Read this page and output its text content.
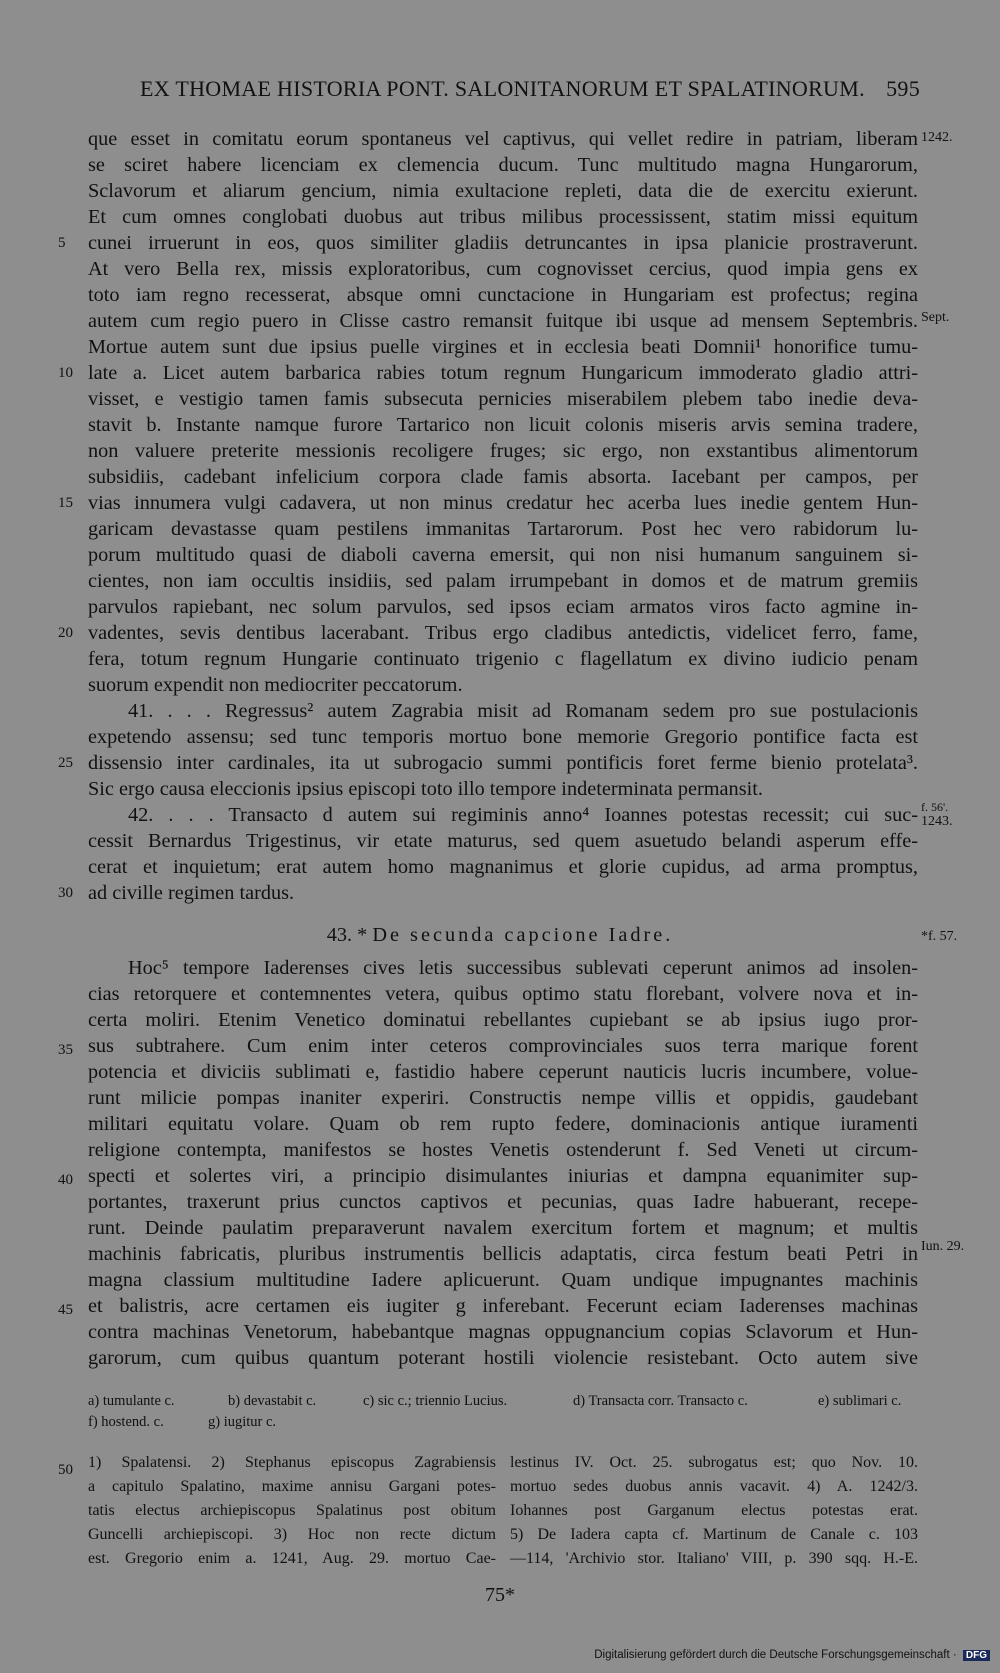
EX THOMAE HISTORIA PONT. SALONITANORUM ET SPALATINORUM. 595
5
10
15
20
25
30
35
40
45
50
1242.
Sept.
f. 56'.
1243.
*f. 57.
Iun. 29.
que esset in comitatu eorum spontaneus vel captivus, qui vellet redire in patriam, liberam
se sciret habere licenciam ex clemencia ducum. Tunc multitudo magna Hungarorum,
Sclavorum et aliarum gencium, nimia exultacione repleti, data die de exercitu exierunt.
Et cum omnes conglobati duobus aut tribus milibus processissent, statim missi equitum
cunei irruerunt in eos, quos similiter gladiis detruncantes in ipsa planicie prostraverunt.
At vero Bella rex, missis exploratoribus, cum cognovisset cercius, quod impia gens ex
toto iam regno recesserat, absque omni cunctacione in Hungariam est profectus; regina
autem cum regio puero in Clisse castro remansit fuitque ibi usque ad mensem Septembris.
Mortue autem sunt due ipsius puelle virgines et in ecclesia beati Domnii¹ honorifice tumu-
late a. Licet autem barbarica rabies totum regnum Hungaricum immoderato gladio attri-
visset, e vestigio tamen famis subsecuta pernicies miserabilem plebem tabo inedie deva-
stavit b. Instante namque furore Tartarico non licuit colonis miseris arvis semina tradere,
non valuere preterite messionis recoligere fruges; sic ergo, non exstantibus alimentorum
subsidiis, cadebant infelicium corpora clade famis absorta. Iacebant per campos, per
vias innumera vulgi cadavera, ut non minus credatur hec acerba lues inedie gentem Hun-
garicam devastasse quam pestilens immanitas Tartarorum. Post hec vero rabidorum lu-
porum multitudo quasi de diaboli caverna emersit, qui non nisi humanum sanguinem si-
cientes, non iam occultis insidiis, sed palam irrumpebant in domos et de matrum gremiis
parvulos rapiebant, nec solum parvulos, sed ipsos eciam armatos viros facto agmine in-
vadentes, sevis dentibus lacerabant. Tribus ergo cladibus antedictis, videlicet ferro, fame,
fera, totum regnum Hungarie continuato trigenio c flagellatum ex divino iudicio penam
suorum expendit non mediocriter peccatorum.
41. . . . Regressus² autem Zagrabia misit ad Romanam sedem pro sue postulacionis
expetendo assensu; sed tunc temporis mortuo bone memorie Gregorio pontifice facta est
dissensio inter cardinales, ita ut subrogacio summi pontificis foret ferme bienio protelata³.
Sic ergo causa eleccionis ipsius episcopi toto illo tempore indeterminata permansit.
42. . . . Transacto d autem sui regiminis anno⁴ Ioannes potestas recessit; cui suc-
cessit Bernardus Trigestinus, vir etate maturus, sed quem asuetudo belandi asperum effe-
cerat et inquietum; erat autem homo magnanimus et glorie cupidus, ad arma promptus,
ad civille regimen tardus.
43. * De secunda capcione Iadre.
Hoc⁵ tempore Iaderenses cives letis successibus sublevati ceperunt animos ad insolen-
cias retorquere et contemnentes vetera, quibus optimo statu florebant, volvere nova et in-
certa moliri. Etenim Venetico dominatui rebellantes cupiebant se ab ipsius iugo pror-
sus subtrahere. Cum enim inter ceteros comprovinciales suos terra marique forent
potencia et diviciis sublimati e, fastidio habere ceperunt nauticis lucris incumbere, volue-
runt milicie pompas inaniter experiri. Constructis nempe villis et oppidis, gaudebant
militari equitatu volare. Quam ob rem rupto federe, dominacionis antique iuramenti
religione contempta, manifestos se hostes Venetis ostenderunt f. Sed Veneti ut circum-
specti et solertes viri, a principio disimulantes iniurias et dampna equanimiter sup-
portantes, traxerunt prius cunctos captivos et pecunias, quas Iadre habuerant, recepe-
runt. Deinde paulatim preparaverunt navalem exercitum fortem et magnum; et multis
machinis fabricatis, pluribus instrumentis bellicis adaptatis, circa festum beati Petri in
magna classium multitudine Iadere aplicuerunt. Quam undique impugnantes machinis
et balistris, acre certamen eis iugiter g inferebant. Fecerunt eciam Iaderenses machinas
contra machinas Venetorum, habebantque magnas oppugnancium copias Sclavorum et Hun-
garorum, cum quibus quantum poterant hostili violencie resistebant. Octo autem sive
a) tumulante c.	b) devastabit c.	c) sic c.; triennio Lucius.	d) Transacta corr. Transacto c.	e) sublimari c.
f) hostend. c.	g) iugitur c.
1) Spalatensi. 2) Stephanus episcopus Zagrabiensis
a capitulo Spalatino, maxime annisu Gargani potes-
tatis electus archiepiscopus Spalatinus post obitum
Guncelli archiepiscopi. 3) Hoc non recte dictum
est. Gregorio enim a. 1241, Aug. 29. mortuo Cae-
lestinus IV. Oct. 25. subrogatus est; quo Nov. 10.
mortuo sedes duobus annis vacavit. 4) A. 1242/3.
Iohannes post Garganum electus potestas erat.
5) De Iadera capta cf. Martinum de Canale c. 103
—114, 'Archivio stor. Italiano' VIII, p. 390 sqq. H.-E.
75*
Digitalisierung gefördert durch die Deutsche Forschungsgemeinschaft · DFG
